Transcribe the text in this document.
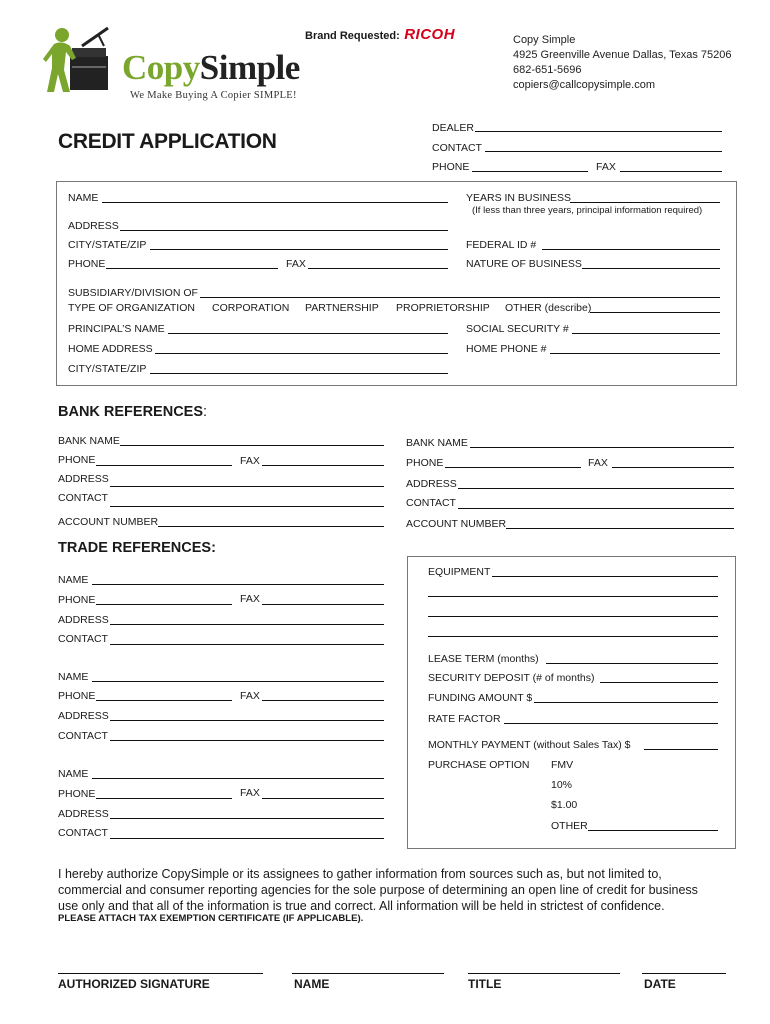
CopySimple
We Make Buying A Copier SIMPLE!
Brand Requested: RICOH	Copy Simple
4925 Greenville Avenue Dallas, Texas 75206
682-651-5696
copiers@callcopysimple.com
CREDIT APPLICATION
DEALER
CONTACT
PHONE	FAX
NAME	YEARS IN BUSINESS
(If less than three years, principal information required)
ADDRESS
CITY/STATE/ZIP	FEDERAL ID #
PHONE	FAX	NATURE OF BUSINESS
SUBSIDIARY/DIVISION OF
TYPE OF ORGANIZATION CORPORATION PARTNERSHIP PROPRIETORSHIP OTHER (describe)
PRINCIPAL’S NAME	SOCIAL SECURITY #
HOME ADDRESS	HOME PHONE #
CITY/STATE/ZIP
BANK REFERENCES:
BANK NAME
PHONE	FAX
ADDRESS
CONTACT
ACCOUNT NUMBER
BANK NAME
PHONE	FAX
ADDRESS
CONTACT
ACCOUNT NUMBER
TRADE REFERENCES:
NAME
PHONE	FAX
ADDRESS
CONTACT
NAME
PHONE	FAX
ADDRESS
CONTACT
NAME
PHONE	FAX
ADDRESS
CONTACT
EQUIPMENT
LEASE TERM (months)
SECURITY DEPOSIT (# of months)
FUNDING AMOUNT $
RATE FACTOR
MONTHLY PAYMENT (without Sales Tax) $
PURCHASE OPTION FMV
10%
$1.00
OTHER
I hereby authorize CopySimple or its assignees to gather information from sources such as, but not limited to, commercial and consumer reporting agencies for the sole purpose of determining an open line of credit for business use only and that all of the information is true and correct. All information will be held in strictest of confidence.
PLEASE ATTACH TAX EXEMPTION CERTIFICATE (IF APPLICABLE).
AUTHORIZED SIGNATURE	NAME	TITLE	DATE
